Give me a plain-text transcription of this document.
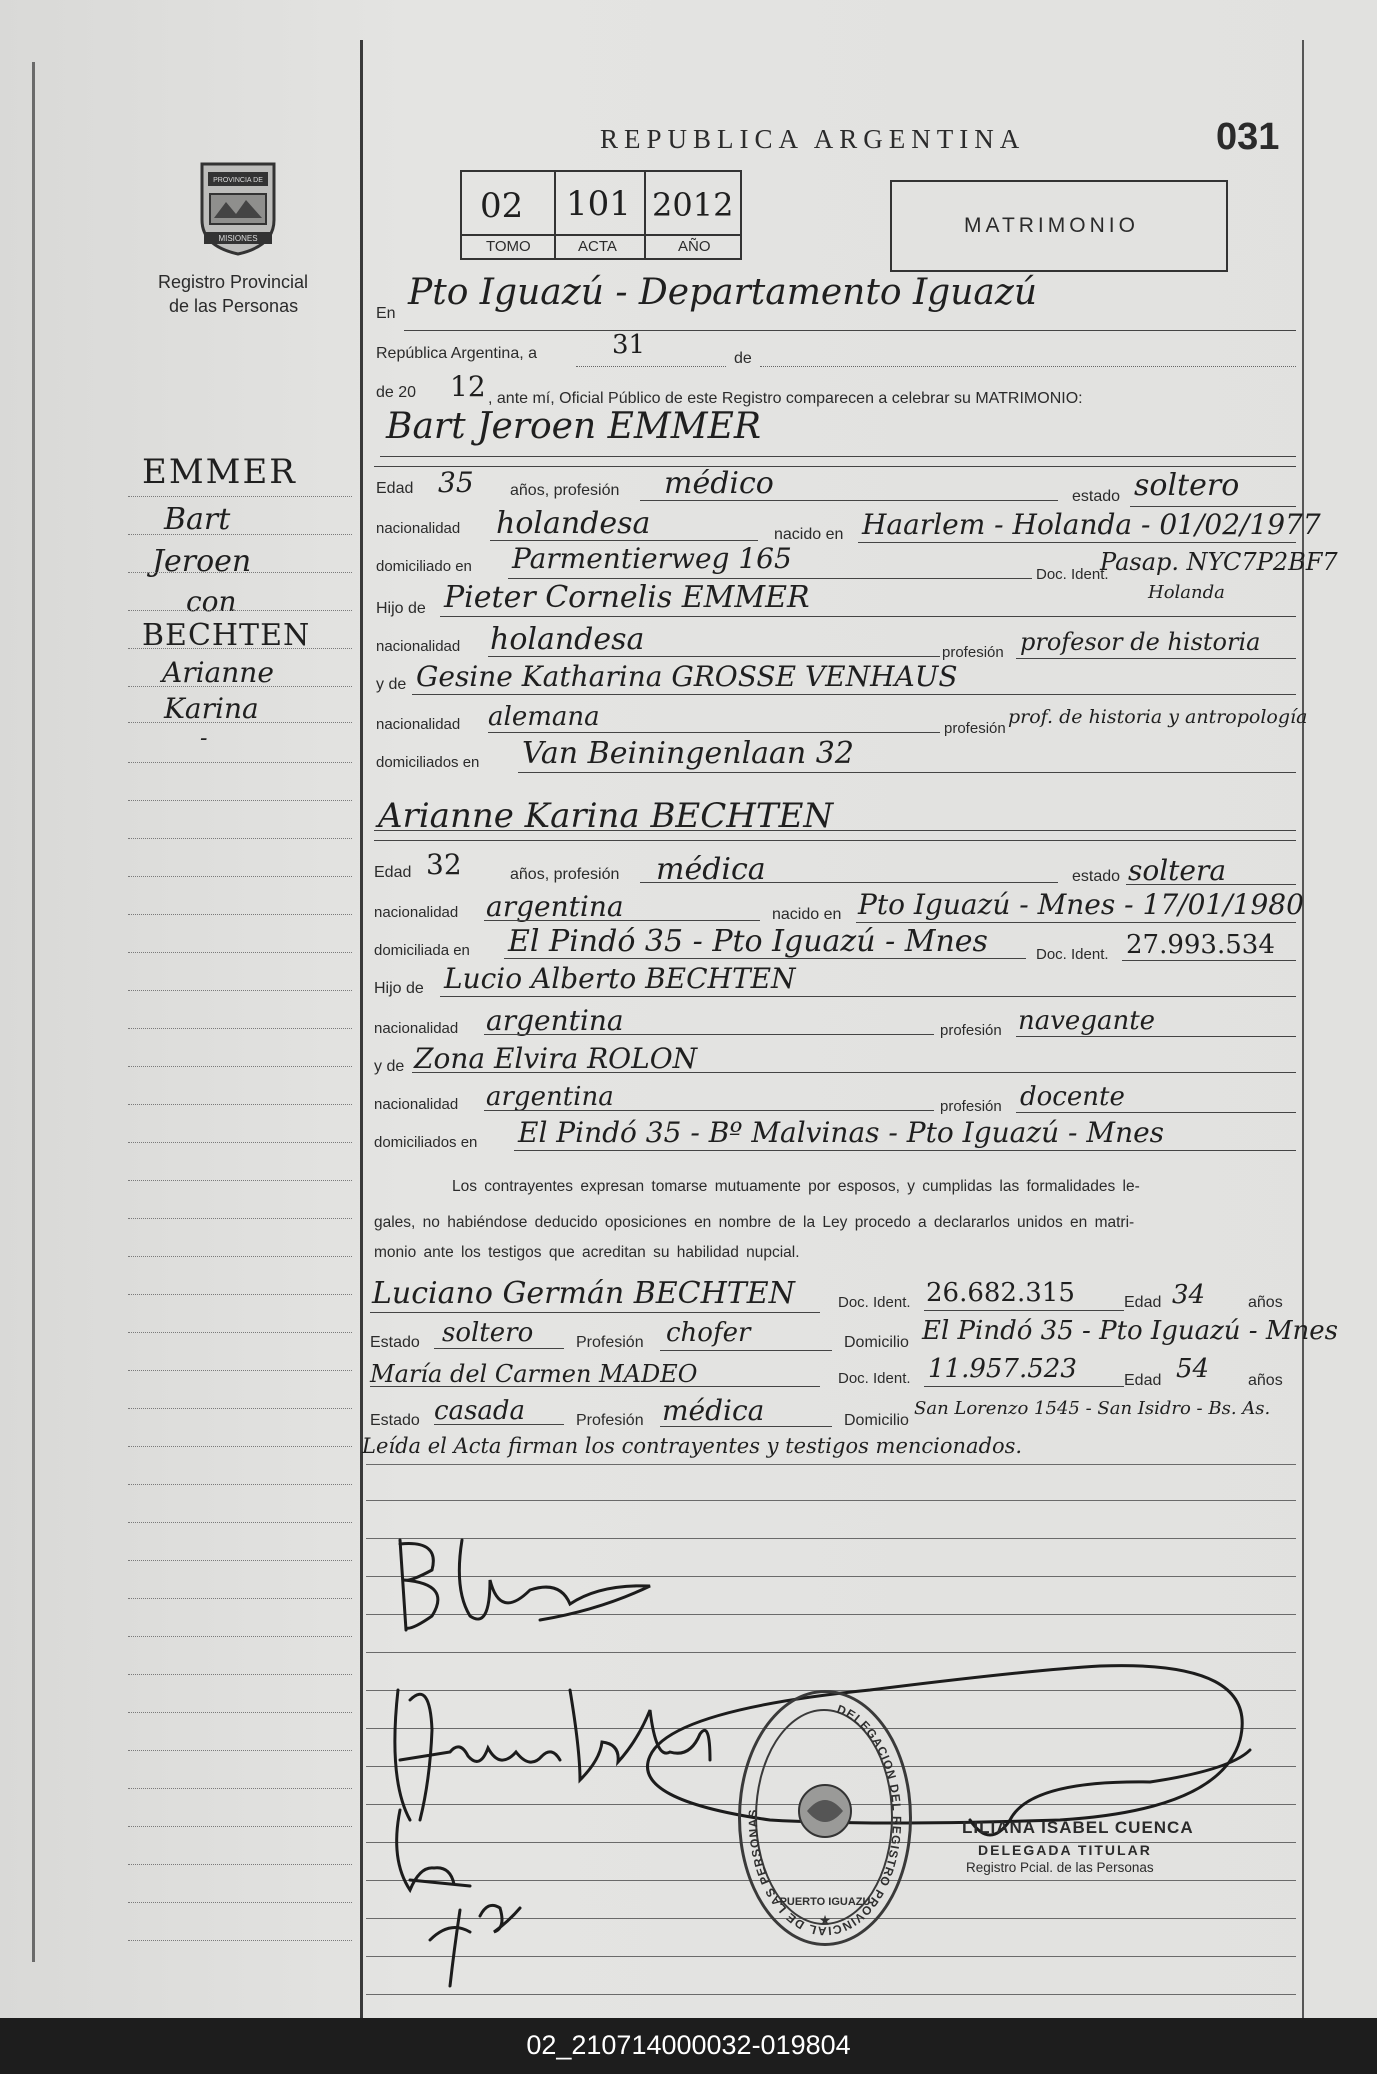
PROVINCIA DE
MISIONES
Registro Provincial
de las Personas
EMMER
Bart
Jeroen
con
BECHTEN
Arianne
Karina
-
REPUBLICA ARGENTINA	031
02 101 2012
TOMO	ACTA	AÑO
MATRIMONIO
En
Pto Iguazú - Departamento Iguazú
República Argentina, a	31	de
de 20 12 , ante mí, Oficial Público de este Registro comparecen a celebrar su MATRIMONIO:
Bart Jeroen EMMER
Edad 35 años, profesión médico	estado soltero
nacionalidad holandesa	nacido en Haarlem - Holanda - 01/02/1977
domiciliado en Parmentierweg 165	Doc. Ident.
Pasap. NYC7P2BF7
Holanda
Hijo de Pieter Cornelis EMMER
nacionalidad holandesa	profesión profesor de historia
y de Gesine Katharina GROSSE VENHAUS
nacionalidad alemana	profesión
prof. de historia y antropología
domiciliados en Van Beiningenlaan 32
Arianne Karina BECHTEN
Edad 32	años, profesión médica	estado soltera
nacionalidad argentina	nacido en Pto Iguazú - Mnes - 17/01/1980
domiciliada en El Pindó 35 - Pto Iguazú - Mnes	Doc. Ident. 27.993.534
Hijo de Lucio Alberto BECHTEN
nacionalidad argentina	profesión navegante
y de Zona Elvira ROLON
nacionalidad argentina	profesión docente
domiciliados en El Pindó 35 - Bº Malvinas - Pto Iguazú - Mnes
Los contrayentes expresan tomarse mutuamente por esposos, y cumplidas las formalidades le-
gales, no habiéndose deducido oposiciones en nombre de la Ley procedo a declararlos unidos en matri-
monio ante los testigos que acreditan su habilidad nupcial.
Luciano Germán BECHTEN	Doc. Ident. 26.682.315	Edad 34	años
Estado soltero	Profesión chofer	Domicilio El Pindó 35 - Pto Iguazú - Mnes
María del Carmen MADEO	Doc. Ident. 11.957.523	Edad 54 años
Estado casada	Profesión médica	Domicilio
San Lorenzo 1545 - San Isidro - Bs. As.
Leída el Acta firman los contrayentes y testigos mencionados.
DELEGACION DEL REGISTRO PROVINCIAL DE LAS PERSONAS
PUERTO IGUAZU
★
LILIANA ISABEL CUENCA
DELEGADA TITULAR
Registro Pcial. de las Personas
02_210714000032-019804
